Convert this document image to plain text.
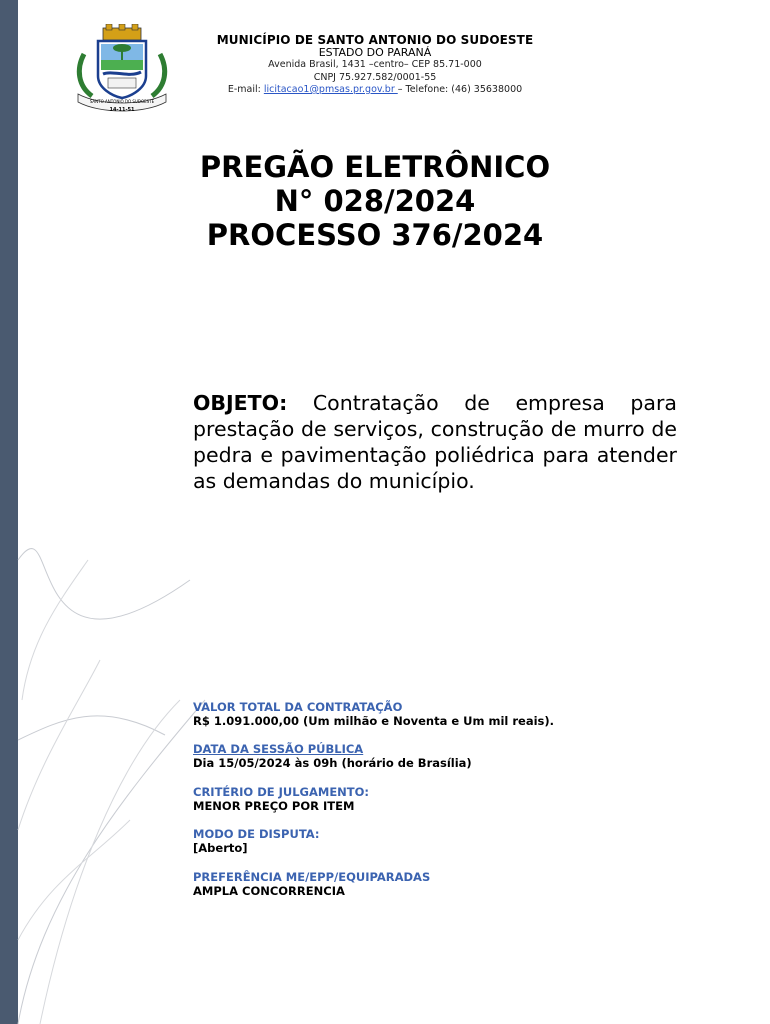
SANTO ANTONIO DO SUDOESTE
14-11-51
MUNICÍPIO DE SANTO ANTONIO DO SUDOESTE
ESTADO DO PARANÁ
Avenida Brasil, 1431 –centro– CEP 85.71-000
CNPJ 75.927.582/0001-55
E-mail: licitacao1@pmsas.pr.gov.br – Telefone: (46) 35638000
PREGÃO ELETRÔNICO
N° 028/2024
PROCESSO 376/2024
OBJETO: Contratação de empresa para prestação de serviços, construção de murro de pedra e pavimentação poliédrica para atender as demandas do município.
VALOR TOTAL DA CONTRATAÇÃO
R$ 1.091.000,00 (Um milhão e Noventa e Um mil reais).
DATA DA SESSÃO PÚBLICA
Dia 15/05/2024 às 09h (horário de Brasília)
CRITÉRIO DE JULGAMENTO:
MENOR PREÇO POR ITEM
MODO DE DISPUTA:
[Aberto]
PREFERÊNCIA ME/EPP/EQUIPARADAS
AMPLA CONCORRENCIA
